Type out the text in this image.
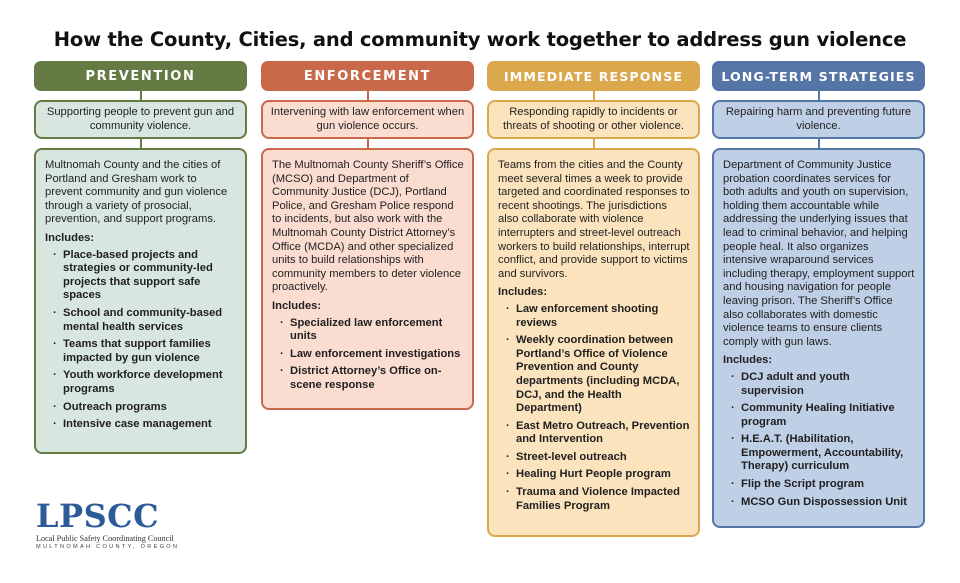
How the County, Cities, and community work together to address gun violence
PREVENTION
Supporting people to prevent gun and community violence.

Multnomah County and the cities of Portland and Gresham work to prevent community and gun violence through a variety of prosocial, prevention, and support programs.

Includes:
· Place-based projects and strategies or community-led projects that support safe spaces
· School and community-based mental health services
· Teams that support families impacted by gun violence
· Youth workforce development programs
· Outreach programs
· Intensive case management
ENFORCEMENT
Intervening with law enforcement when gun violence occurs.

The Multnomah County Sheriff’s Office (MCSO) and Department of Community Justice (DCJ), Portland Police, and Gresham Police respond to incidents, but also work with the Multnomah County District Attorney’s Office (MCDA) and other specialized units to build relationships with community members to deter violence proactively.

Includes:
· Specialized law enforcement units
· Law enforcement investigations
· District Attorney’s Office on-scene response
IMMEDIATE RESPONSE
Responding rapidly to incidents or threats of shooting or other violence.

Teams from the cities and the County meet several times a week to provide targeted and coordinated responses to recent shootings. The jurisdictions also collaborate with violence interrupters and street-level outreach workers to build relationships, interrupt conflict, and provide support to victims and survivors.

Includes:
· Law enforcement shooting reviews
· Weekly coordination between Portland’s Office of Violence Prevention and County departments (including MCDA, DCJ, and the Health Department)
· East Metro Outreach, Prevention and Intervention
· Street-level outreach
· Healing Hurt People program
· Trauma and Violence Impacted Families Program
LONG-TERM STRATEGIES
Repairing harm and preventing future violence.

Department of Community Justice probation coordinates services for both adults and youth on supervision, holding them accountable while addressing the underlying issues that lead to criminal behavior, and helping people heal. It also organizes intensive wraparound services including therapy, employment support and housing navigation for people leaving prison. The Sheriff’s Office also collaborates with domestic violence teams to ensure clients comply with gun laws.

Includes:
· DCJ adult and youth supervision
· Community Healing Initiative program
· H.E.A.T. (Habilitation, Empowerment, Accountability, Therapy) curriculum
· Flip the Script program
· MCSO Gun Dispossession Unit
LPSCC
Local Public Safety Coordinating Council
MULTNOMAH COUNTY, OREGON
